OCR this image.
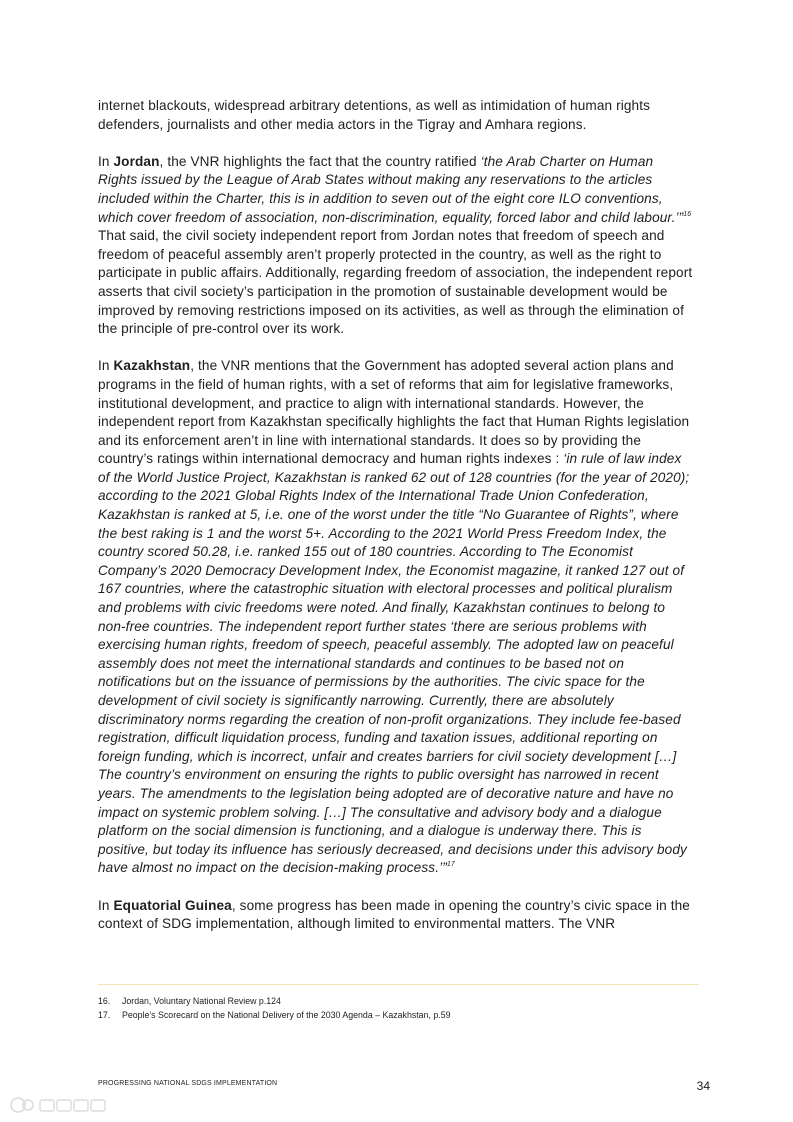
internet blackouts, widespread arbitrary detentions, as well as intimidation of human rights defenders, journalists and other media actors in the Tigray and Amhara regions.

In Jordan, the VNR highlights the fact that the country ratified ‘the Arab Charter on Human Rights issued by the League of Arab States without making any reservations to the articles included within the Charter, this is in addition to seven out of the eight core ILO conventions, which cover freedom of association, non-discrimination, equality, forced labor and child labour.’”$^{16}$ That said, the civil society independent report from Jordan notes that freedom of speech and freedom of peaceful assembly aren’t properly protected in the country, as well as the right to participate in public affairs. Additionally, regarding freedom of association, the independent report asserts that civil society’s participation in the promotion of sustainable development would be improved by removing restrictions imposed on its activities, as well as through the elimination of the principle of pre-control over its work.

In Kazakhstan, the VNR mentions that the Government has adopted several action plans and programs in the field of human rights, with a set of reforms that aim for legislative frameworks, institutional development, and practice to align with international standards. However, the independent report from Kazakhstan specifically highlights the fact that Human Rights legislation and its enforcement aren’t in line with international standards. It does so by providing the country’s ratings within international democracy and human rights indexes : ‘in rule of law index of the World Justice Project, Kazakhstan is ranked 62 out of 128 countries (for the year of 2020); according to the 2021 Global Rights Index of the International Trade Union Confederation, Kazakhstan is ranked at 5, i.e. one of the worst under the title “No Guarantee of Rights”, where the best raking is 1 and the worst 5+. According to the 2021 World Press Freedom Index, the country scored 50.28, i.e. ranked 155 out of 180 countries. According to The Economist Company’s 2020 Democracy Development Index, the Economist magazine, it ranked 127 out of 167 countries, where the catastrophic situation with electoral processes and political pluralism and problems with civic freedoms were noted. And finally, Kazakhstan continues to belong to non-free countries. The independent report further states ‘there are serious problems with exercising human rights, freedom of speech, peaceful assembly. The adopted law on peaceful assembly does not meet the international standards and continues to be based not on notifications but on the issuance of permissions by the authorities. The civic space for the development of civil society is significantly narrowing. Currently, there are absolutely discriminatory norms regarding the creation of non-profit organizations. They include fee-based registration, difficult liquidation process, funding and taxation issues, additional reporting on foreign funding, which is incorrect, unfair and creates barriers for civil society development […] The country’s environment on ensuring the rights to public oversight has narrowed in recent years. The amendments to the legislation being adopted are of decorative nature and have no impact on systemic problem solving. […] The consultative and advisory body and a dialogue platform on the social dimension is functioning, and a dialogue is underway there. This is positive, but today its influence has seriously decreased, and decisions under this advisory body have almost no impact on the decision-making process.’”$^{17}$

In Equatorial Guinea, some progress has been made in opening the country’s civic space in the context of SDG implementation, although limited to environmental matters. The VNR

16.	Jordan, Voluntary National Review p.124
17.	People’s Scorecard on the National Delivery of the 2030 Agenda – Kazakhstan, p.59
PROGRESSING NATIONAL SDGS IMPLEMENTATION	34
